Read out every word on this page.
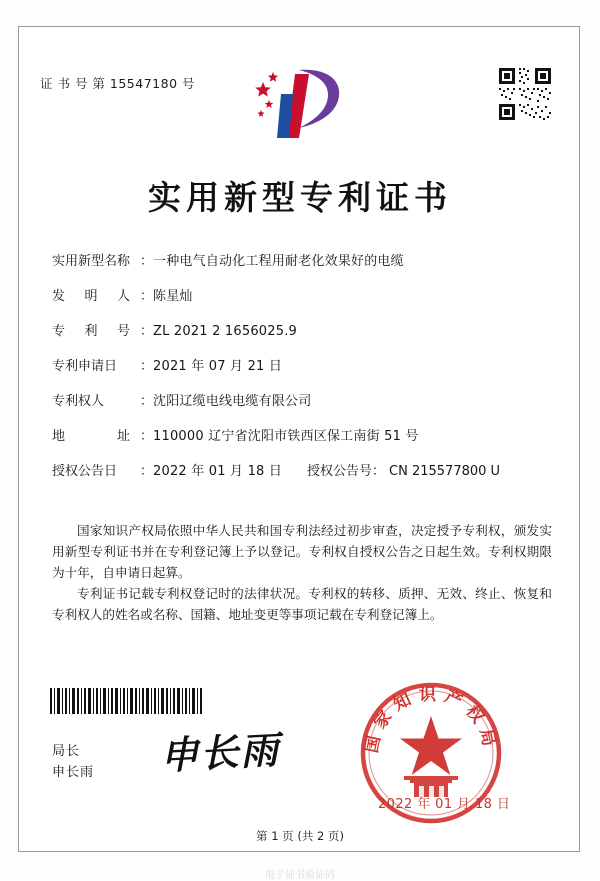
证 书 号 第 15547180 号
实用新型专利证书
实用新型名称 ： 一种电气自动化工程用耐老化效果好的电缆
发 明 人 ： 陈星灿
专 利 号 ： ZL 2021 2 1656025.9
专利申请日	： 2021 年 07 月 21 日
专利权人	： 沈阳辽缆电线电缆有限公司
地 址 ： 110000 辽宁省沈阳市铁西区保工南街 51 号
授权公告日	： 2022 年 01 月 18 日	授权公告号 ： CN 215577800 U
国家知识产权局依照中华人民共和国专利法经过初步审查，决定授予专利权，颁发实用新型专利证书并在专利登记簿上予以登记。专利权自授权公告之日起生效。专利权期限为十年，自申请日起算。
专利证书记载专利权登记时的法律状况。专利权的转移、质押、无效、终止、恢复和专利权人的姓名或名称、国籍、地址变更等事项记载在专利登记簿上。
局长
申长雨 申长雨	国家知识产权局
2022 年 01 月 18 日
第 1 页 (共 2 页)
电子证书验证码
